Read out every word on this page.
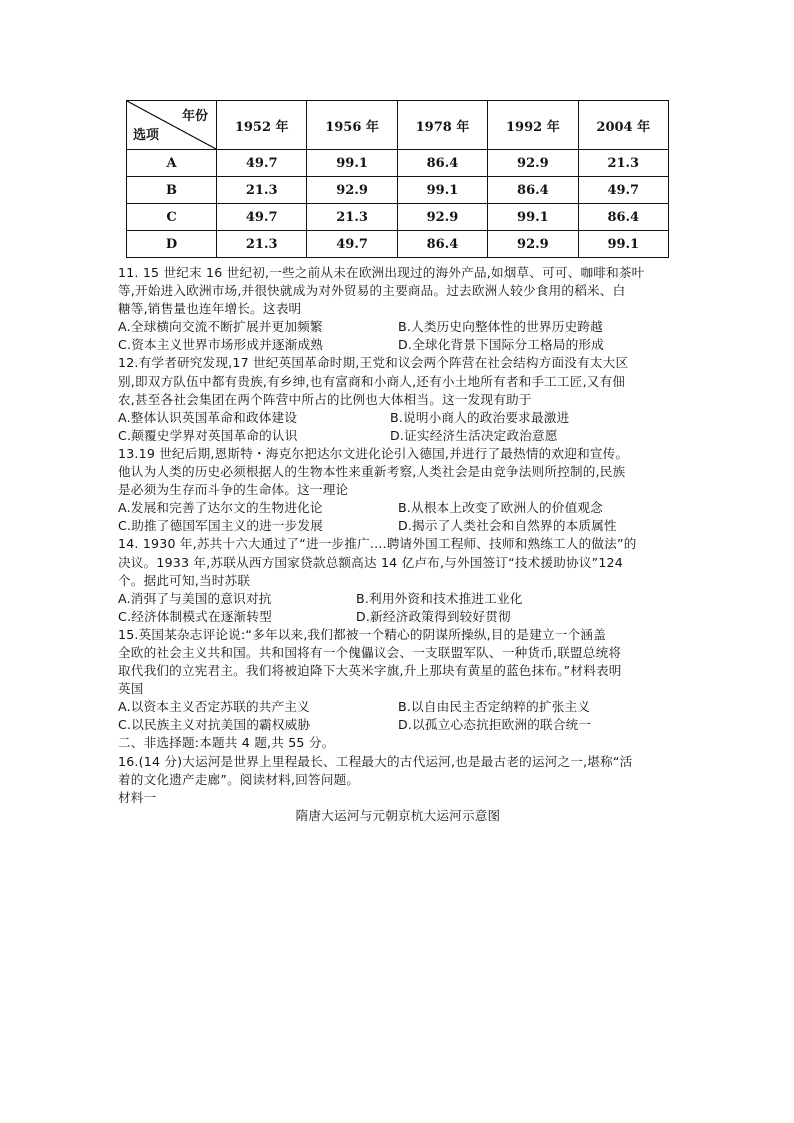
年份
选项	1952 年	1956 年	1978 年	1992 年	2004 年
A	49.7	99.1	86.4	92.9	21.3
B	21.3	92.9	99.1	86.4	49.7
C	49.7	21.3	92.9	99.1	86.4
D	21.3	49.7	86.4	92.9	99.1

11. 15 世纪末 16 世纪初,一些之前从未在欧洲出现过的海外产品,如烟草、可可、咖啡和茶叶

等,开始进入欧洲市场,并很快就成为对外贸易的主要商品。过去欧洲人较少食用的稻米、白

糖等,销售量也连年增长。这表明

A.全球横向交流不断扩展并更加频繁	B.人类历史向整体性的世界历史跨越
C.资本主义世界市场形成并逐渐成熟	D.全球化背景下国际分工格局的形成

12.有学者研究发现,17 世纪英国革命时期,王党和议会两个阵营在社会结构方面没有太大区

别,即双方队伍中都有贵族,有乡绅,也有富商和小商人,还有小土地所有者和手工工匠,又有佃

农,甚至各社会集团在两个阵营中所占的比例也大体相当。这一发现有助于

A.整体认识英国革命和政体建设	B.说明小商人的政治要求最激进
C.颠覆史学界对英国革命的认识	D.证实经济生活决定政治意愿

13.19 世纪后期,恩斯特・海克尔把达尔文进化论引入德国,并进行了最热情的欢迎和宣传。

他认为人类的历史必须根据人的生物本性来重新考察,人类社会是由竞争法则所控制的,民族

是必须为生存而斗争的生命体。这一理论

A.发展和完善了达尔文的生物进化论	B.从根本上改变了欧洲人的价值观念
C.助推了德国军国主义的进一步发展	D.揭示了人类社会和自然界的本质属性

14. 1930 年,苏共十六大通过了“进一步推广....聘请外国工程师、技师和熟练工人的做法”的

决议。1933 年,苏联从西方国家贷款总额高达 14 亿卢布,与外国签订“技术援助协议”124

个。据此可知,当时苏联

A.消弭了与美国的意识对抗	B.利用外资和技术推进工业化
C.经济体制模式在逐渐转型	D.新经济政策得到较好贯彻

15.英国某杂志评论说:“多年以来,我们都被一个精心的阴谋所操纵,目的是建立一个涵盖

全欧的社会主义共和国。共和国将有一个傀儡议会、一支联盟军队、一种货币,联盟总统将

取代我们的立宪君主。我们将被迫降下大英米字旗,升上那块有黄星的蓝色抹布。”材料表明

英国

A.以资本主义否定苏联的共产主义	B.以自由民主否定纳粹的扩张主义
C.以民族主义对抗美国的霸权威胁	D.以孤立心态抗拒欧洲的联合统一

二、非选择题:本题共 4 题,共 55 分。

16.(14 分)大运河是世界上里程最长、工程最大的古代运河,也是最古老的运河之一,堪称“活

着的文化遗产走廊”。阅读材料,回答问题。

材料一

隋唐大运河与元朝京杭大运河示意图
